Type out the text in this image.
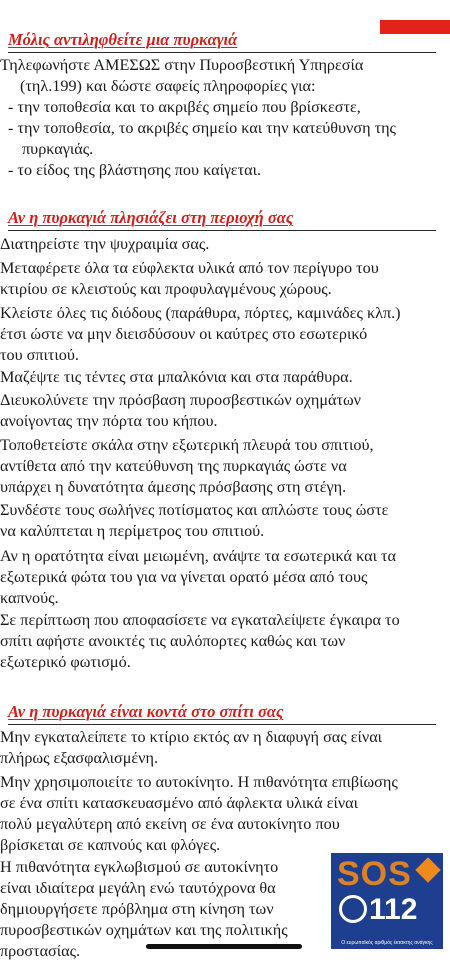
Μόλις αντιληφθείτε μια πυρκαγιά
Τηλεφωνήστε ΑΜΕΣΩΣ στην Πυροσβεστική Υπηρεσία
(τηλ.199) και δώστε σαφείς πληροφορίες για:
- την τοποθεσία και το ακριβές σημείο που βρίσκεστε,
- την τοποθεσία, το ακριβές σημείο και την κατεύθυνση της
πυρκαγιάς.
- το είδος της βλάστησης που καίγεται.
Αν η πυρκαγιά πλησιάζει στη περιοχή σας
Διατηρείστε την ψυχραιμία σας.
Μεταφέρετε όλα τα εύφλεκτα υλικά από τον περίγυρο του
κτιρίου σε κλειστούς και προφυλαγμένους χώρους.
Κλείστε όλες τις διόδους (παράθυρα, πόρτες, καμινάδες κλπ.)
έτσι ώστε να μην διεισδύσουν οι καύτρες στο εσωτερικό
του σπιτιού.
Μαζέψτε τις τέντες στα μπαλκόνια και στα παράθυρα.
Διευκολύνετε την πρόσβαση πυροσβεστικών οχημάτων
ανοίγοντας την πόρτα του κήπου.
Τοποθετείστε σκάλα στην εξωτερική πλευρά του σπιτιού,
αντίθετα από την κατεύθυνση της πυρκαγιάς ώστε να
υπάρχει η δυνατότητα άμεσης πρόσβασης στη στέγη.
Συνδέστε τους σωλήνες ποτίσματος και απλώστε τους ώστε
να καλύπτεται η περίμετρος του σπιτιού.
Αν η ορατότητα είναι μειωμένη, ανάψτε τα εσωτερικά και τα
εξωτερικά φώτα του για να γίνεται ορατό μέσα από τους
καπνούς.
Σε περίπτωση που αποφασίσετε να εγκαταλείψετε έγκαιρα το
σπίτι αφήστε ανοικτές τις αυλόπορτες καθώς και των
εξωτερικό φωτισμό.
Αν η πυρκαγιά είναι κοντά στο σπίτι σας
Μην εγκαταλείπετε το κτίριο εκτός αν η διαφυγή σας είναι
πλήρως εξασφαλισμένη.
Μην χρησιμοποιείτε το αυτοκίνητο. Η πιθανότητα επιβίωσης
σε ένα σπίτι κατασκευασμένο από άφλεκτα υλικά είναι
πολύ μεγαλύτερη από εκείνη σε ένα αυτοκίνητο που
βρίσκεται σε καπνούς και φλόγες.
Η πιθανότητα εγκλωβισμού σε αυτοκίνητο
είναι ιδιαίτερα μεγάλη ενώ ταυτόχρονα θα
δημιουργήσετε πρόβλημα στη κίνηση των
πυροσβεστικών οχημάτων και της πολιτικής
προστασίας.
SOS
112
Ο ευρωπαϊκός αριθμός έκτακτης ανάγκης
